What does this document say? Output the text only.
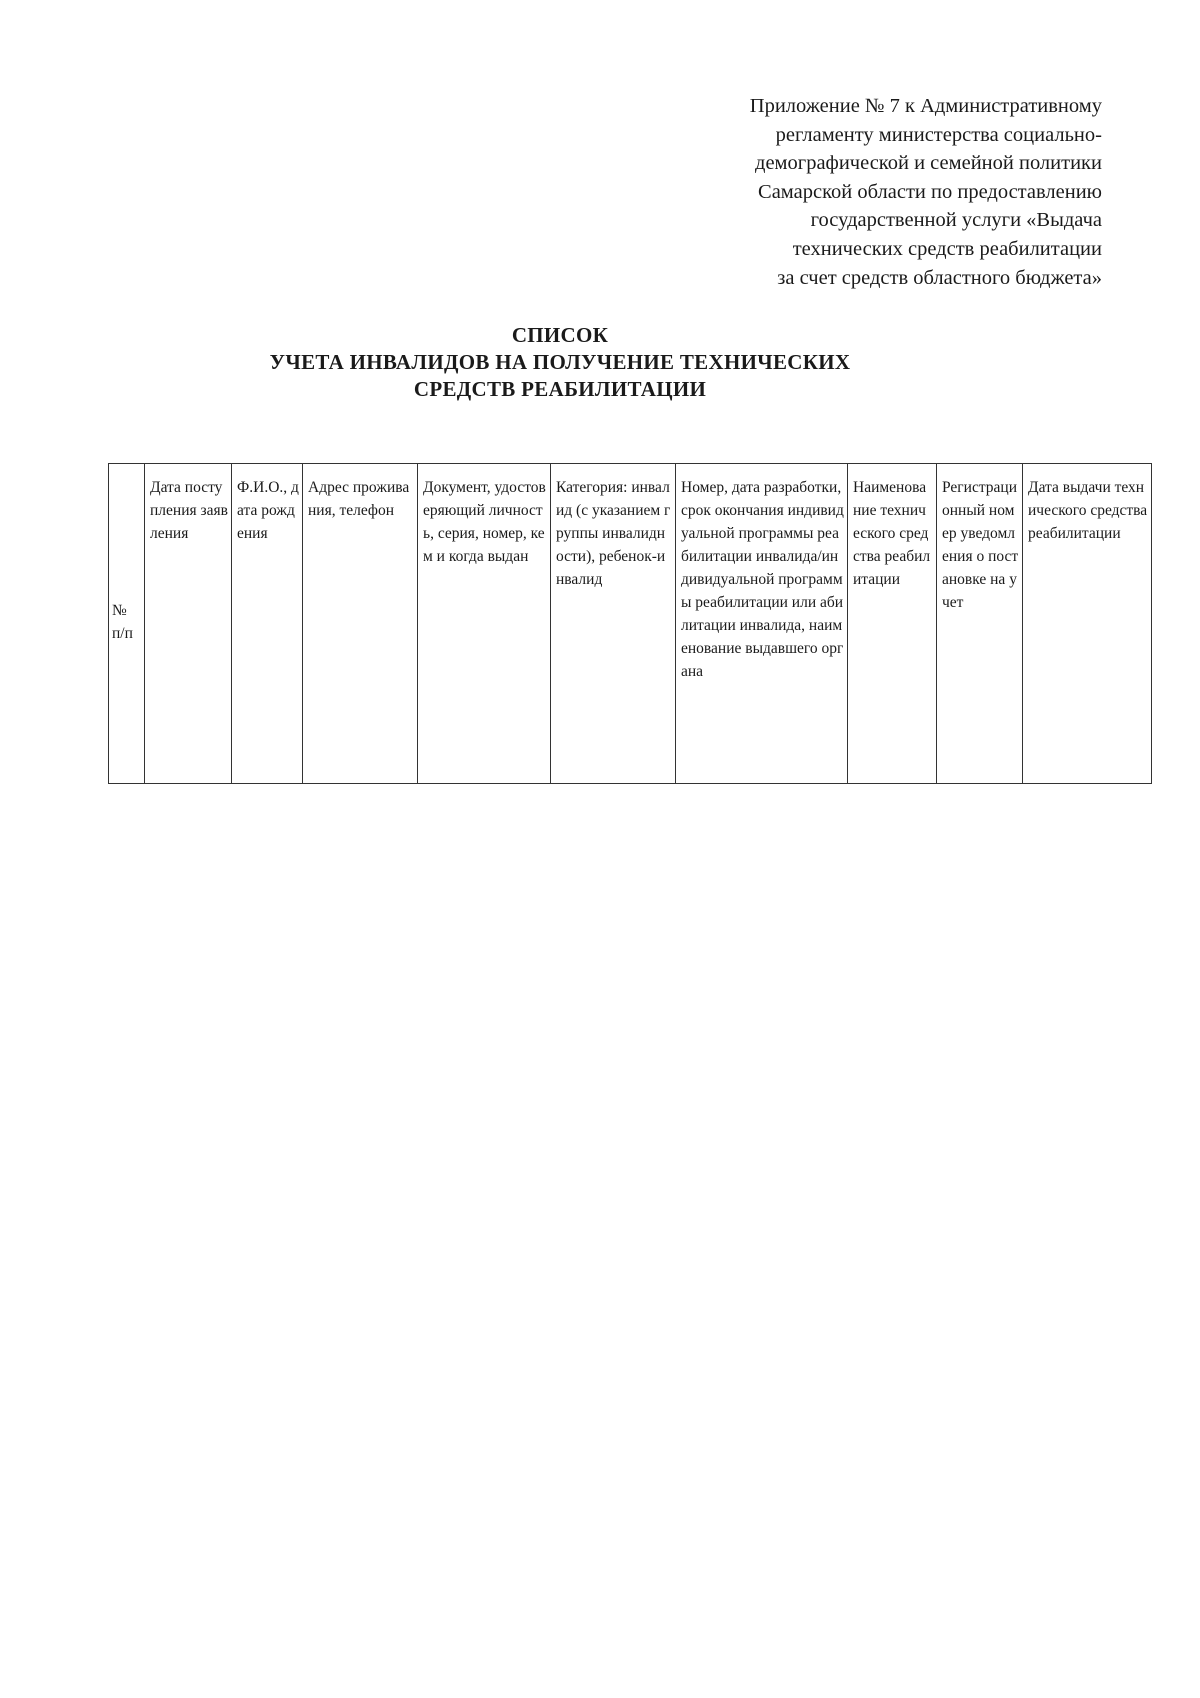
Приложение № 7 к Административному
регламенту министерства социально-
демографической и семейной политики
Самарской области по предоставлению
государственной услуги «Выдача
технических средств реабилитации
за счет средств областного бюджета»
СПИСОК
УЧЕТА ИНВАЛИДОВ НА ПОЛУЧЕНИЕ ТЕХНИЧЕСКИХ
СРЕДСТВ РЕАБИЛИТАЦИИ
№ п/п	Дата поступления заявления	Ф.И.О., дата рождения	Адрес проживания, телефон	Документ, удостоверяющий личность, серия, номер, кем и когда выдан	Категория: инвалид (с указанием группы инвалидности), ребенок-инвалид	Номер, дата разработки, срок окончания индивидуальной программы реабилитации инвалида/индивидуальной программы реабилитации или абилитации инвалида, наименование выдавшего органа	Наименование технического средства реабилитации	Регистрационный номер уведомления о постановке на учет	Дата выдачи технического средства реабилитации
